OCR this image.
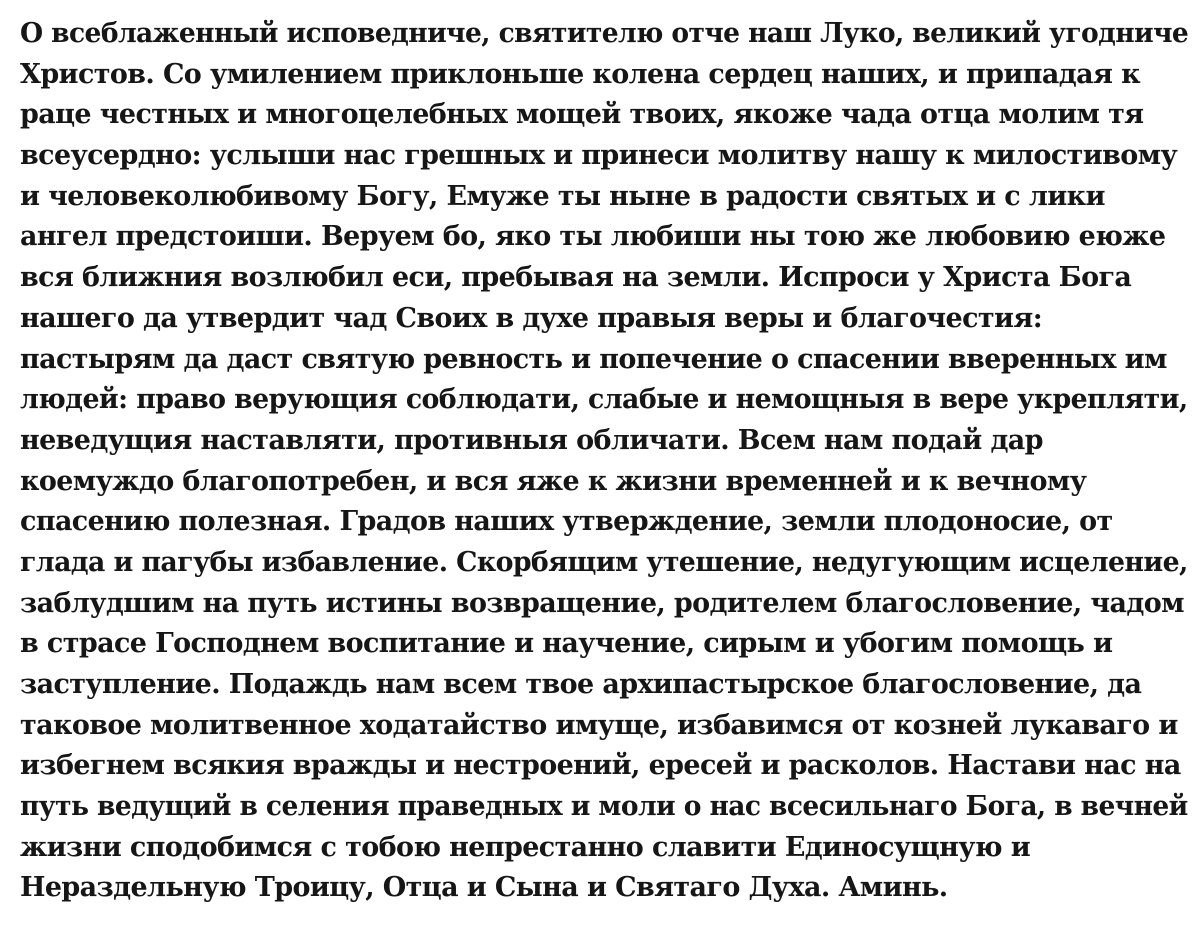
О всеблаженный исповедниче, святителю отче наш Луко, великий угодниче
Христов. Со умилением приклоньше колена сердец наших, и припадая к
раце честных и многоцелебных мощей твоих, якоже чада отца молим тя
всеусердно: услыши нас грешных и принеси молитву нашу к милостивому
и человеколюбивому Богу, Емуже ты ныне в радости святых и с лики
ангел предстоиши. Веруем бо, яко ты любиши ны тою же любовию еюже
вся ближния возлюбил еси, пребывая на земли. Испроси у Христа Бога
нашего да утвердит чад Своих в духе правыя веры и благочестия:
пастырям да даст святую ревность и попечение о спасении вверенных им
людей: право верующия соблюдати, слабые и немощныя в вере укрепляти,
неведущия наставляти, противныя обличати. Всем нам подай дар
коемуждо благопотребен, и вся яже к жизни временней и к вечному
спасению полезная. Градов наших утверждение, земли плодоносие, от
глада и пагубы избавление. Скорбящим утешение, недугующим исцеление,
заблудшим на путь истины возвращение, родителем благословение, чадом
в страсе Господнем воспитание и научение, сирым и убогим помощь и
заступление. Подаждь нам всем твое архипастырское благословение, да
таковое молитвенное ходатайство имуще, избавимся от козней лукаваго и
избегнем всякия вражды и нестроений, ересей и расколов. Настави нас на
путь ведущий в селения праведных и моли о нас всесильнаго Бога, в вечней
жизни сподобимся с тобою непрестанно славити Единосущную и
Нераздельную Троицу, Отца и Сына и Святаго Духа. Аминь.
